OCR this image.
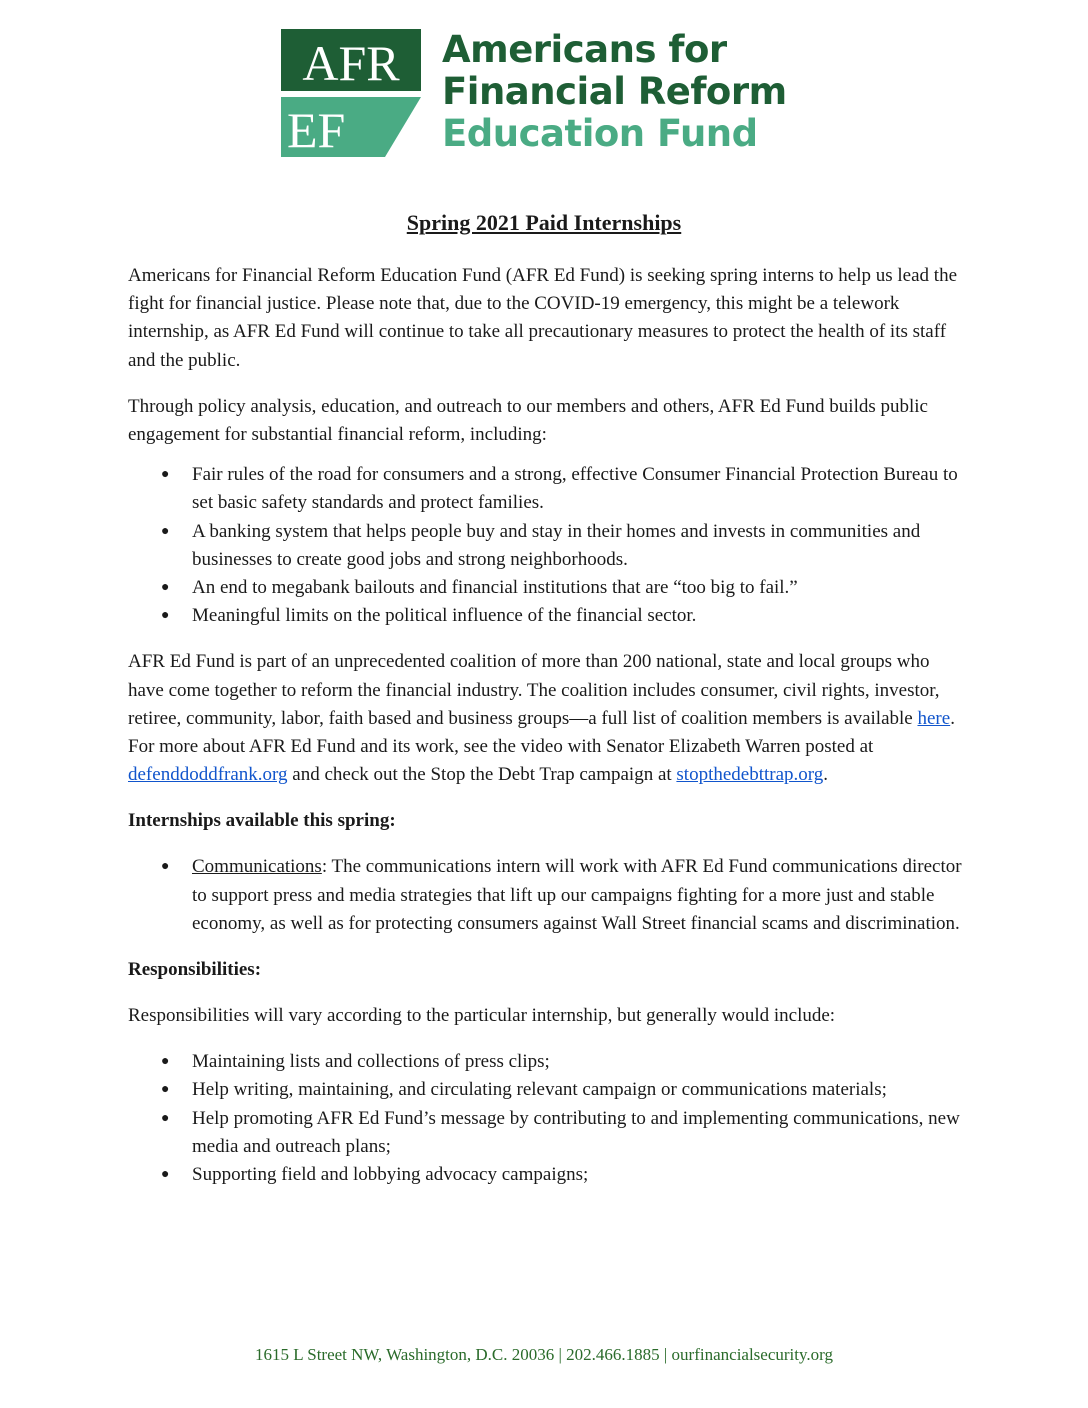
AFR
EF
Americans for
Financial Reform
Education Fund
Spring 2021 Paid Internships

Americans for Financial Reform Education Fund (AFR Ed Fund) is seeking spring interns to help us lead the fight for financial justice. Please note that, due to the COVID-19 emergency, this might be a telework internship, as AFR Ed Fund will continue to take all precautionary measures to protect the health of its staff and the public.

Through policy analysis, education, and outreach to our members and others, AFR Ed Fund builds public engagement for substantial financial reform, including:

● Fair rules of the road for consumers and a strong, effective Consumer Financial Protection Bureau to set basic safety standards and protect families.
● A banking system that helps people buy and stay in their homes and invests in communities and businesses to create good jobs and strong neighborhoods.
● An end to megabank bailouts and financial institutions that are “too big to fail.”
● Meaningful limits on the political influence of the financial sector.

AFR Ed Fund is part of an unprecedented coalition of more than 200 national, state and local groups who have come together to reform the financial industry. The coalition includes consumer, civil rights, investor, retiree, community, labor, faith based and business groups—a full list of coalition members is available here. For more about AFR Ed Fund and its work, see the video with Senator Elizabeth Warren posted at defenddoddfrank.org and check out the Stop the Debt Trap campaign at stopthedebttrap.org.

Internships available this spring:
● Communications: The communications intern will work with AFR Ed Fund communications director to support press and media strategies that lift up our campaigns fighting for a more just and stable economy, as well as for protecting consumers against Wall Street financial scams and discrimination.
Responsibilities:

Responsibilities will vary according to the particular internship, but generally would include:

● Maintaining lists and collections of press clips;
● Help writing, maintaining, and circulating relevant campaign or communications materials;
● Help promoting AFR Ed Fund’s message by contributing to and implementing communications, new media and outreach plans;
● Supporting field and lobbying advocacy campaigns;
1615 L Street NW, Washington, D.C. 20036 | 202.466.1885 | ourfinancialsecurity.org
